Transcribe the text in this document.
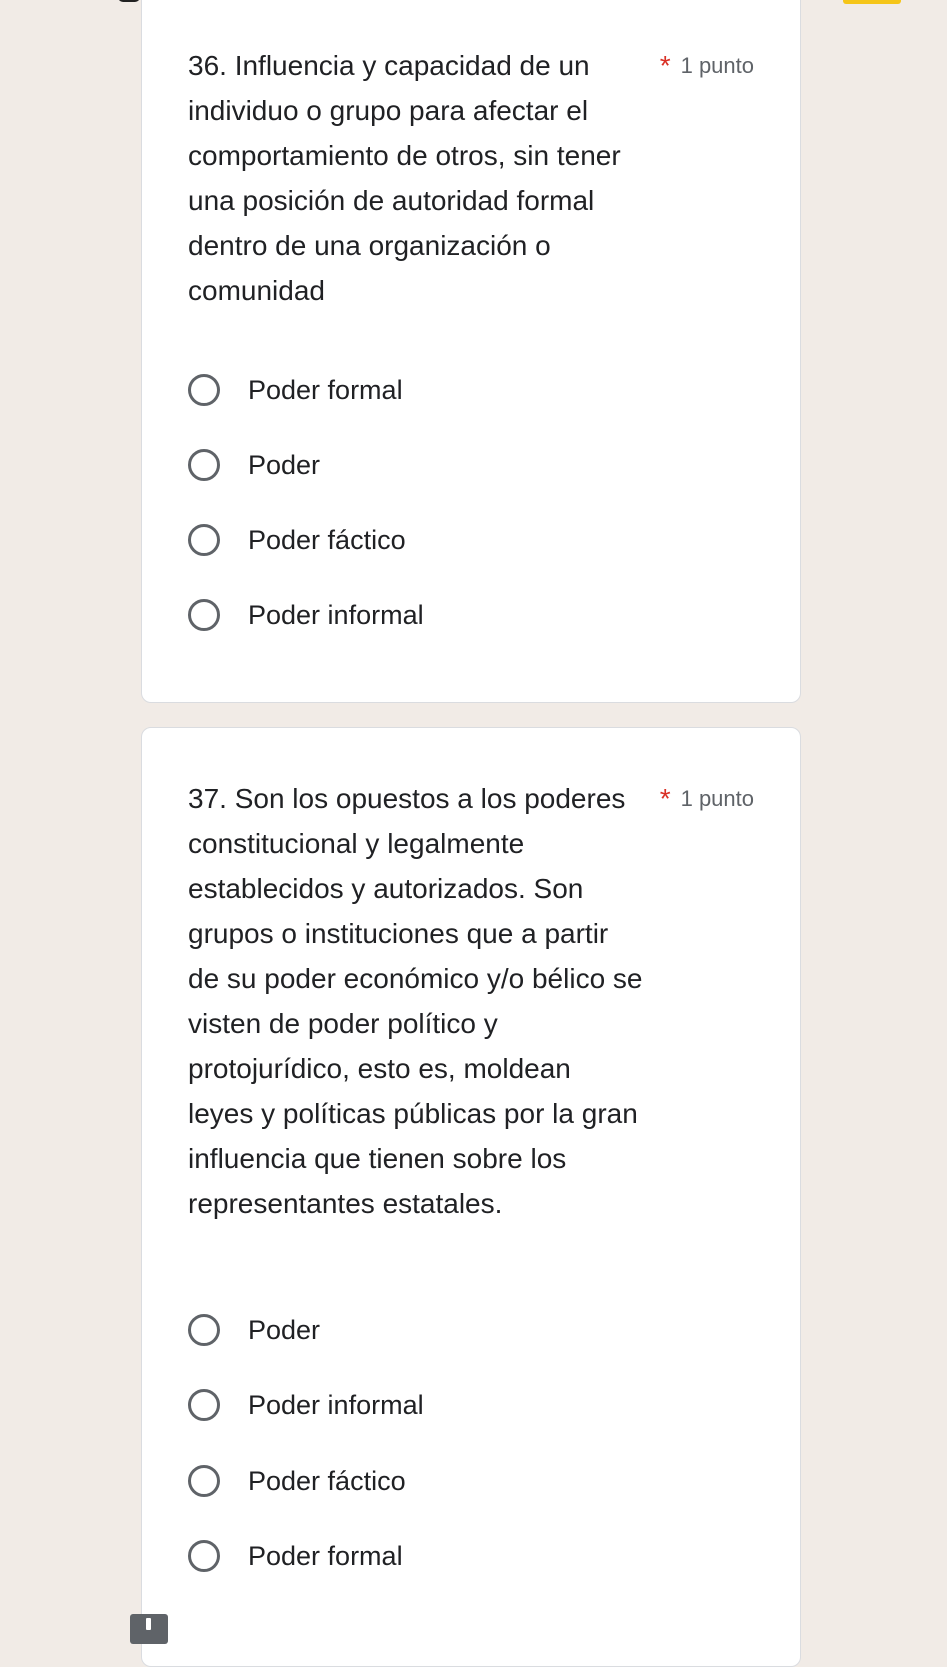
36. Influencia y capacidad de un individuo o grupo para afectar el comportamiento de otros, sin tener una posición de autoridad formal dentro de una organización o comunidad

* 1 punto
Poder formal
Poder
Poder fáctico
Poder informal

37. Son los opuestos a los poderes constitucional y legalmente establecidos y autorizados. Son grupos o instituciones que a partir de su poder económico y/o bélico se visten de poder político y protojurídico, esto es, moldean leyes y políticas públicas por la gran influencia que tienen sobre los representantes estatales.

* 1 punto
Poder
Poder informal
Poder fáctico
Poder formal
